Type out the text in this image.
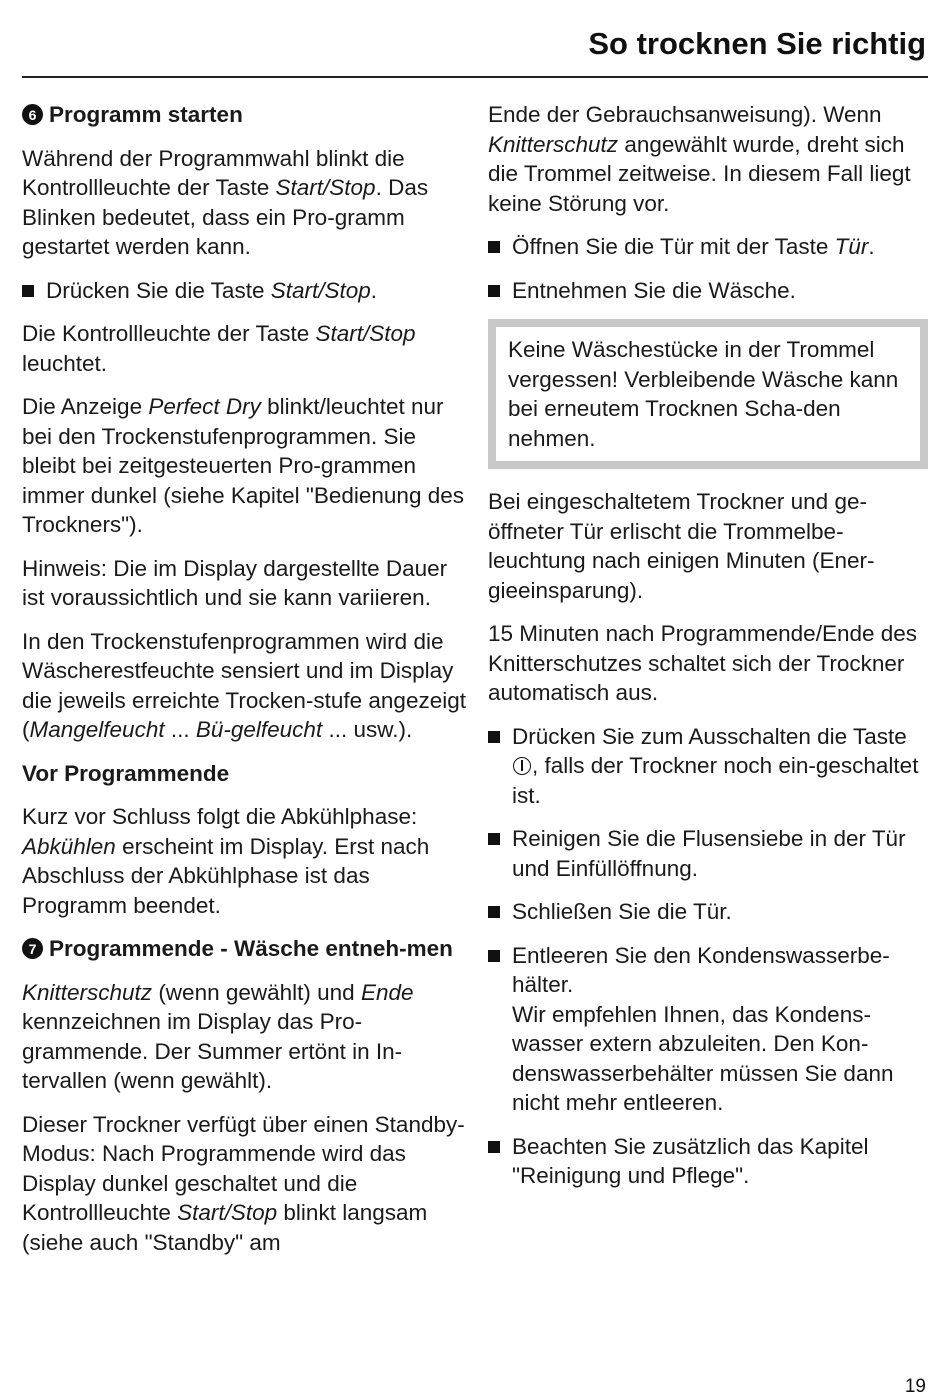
So trocknen Sie richtig
6 Programm starten

Während der Programmwahl blinkt die Kontrollleuchte der Taste Start/Stop. Das Blinken bedeutet, dass ein Pro-gramm gestartet werden kann.

Drücken Sie die Taste Start/Stop.

Die Kontrollleuchte der Taste Start/Stop leuchtet.

Die Anzeige Perfect Dry blinkt/leuchtet nur bei den Trockenstufenprogrammen. Sie bleibt bei zeitgesteuerten Pro-grammen immer dunkel (siehe Kapitel "Bedienung des Trockners").

Hinweis: Die im Display dargestellte Dauer ist voraussichtlich und sie kann variieren.

In den Trockenstufenprogrammen wird die Wäscherestfeuchte sensiert und im Display die jeweils erreichte Trocken-stufe angezeigt (Mangelfeucht ... Bü-gelfeucht ... usw.).

Vor Programmende

Kurz vor Schluss folgt die Abkühlphase: Abkühlen erscheint im Display. Erst nach Abschluss der Abkühlphase ist das Programm beendet.

7 Programmende - Wäsche entneh-men

Knitterschutz (wenn gewählt) und Ende kennzeichnen im Display das Pro-grammende. Der Summer ertönt in In-tervallen (wenn gewählt).

Dieser Trockner verfügt über einen Standby-Modus: Nach Programmende wird das Display dunkel geschaltet und die Kontrollleuchte Start/Stop blinkt langsam (siehe auch "Standby" am

Ende der Gebrauchsanweisung). Wenn Knitterschutz angewählt wurde, dreht sich die Trommel zeitweise. In diesem Fall liegt keine Störung vor.

Öffnen Sie die Tür mit der Taste Tür.
Entnehmen Sie die Wäsche.

Keine Wäschestücke in der Trommel vergessen! Verbleibende Wäsche kann bei erneutem Trocknen Scha-den nehmen.

Bei eingeschaltetem Trockner und ge-öffneter Tür erlischt die Trommelbe-leuchtung nach einigen Minuten (Ener-gieeinsparung).

15 Minuten nach Programmende/Ende des Knitterschutzes schaltet sich der Trockner automatisch aus.

Drücken Sie zum Ausschalten die Taste , falls der Trockner noch ein-geschaltet ist.
Reinigen Sie die Flusensiebe in der Tür und Einfüllöffnung.
Schließen Sie die Tür.
Entleeren Sie den Kondenswasserbe-hälter.
Wir empfehlen Ihnen, das Kondens-wasser extern abzuleiten. Den Kon-denswasserbehälter müssen Sie dann nicht mehr entleeren.
Beachten Sie zusätzlich das Kapitel "Reinigung und Pflege".
19
